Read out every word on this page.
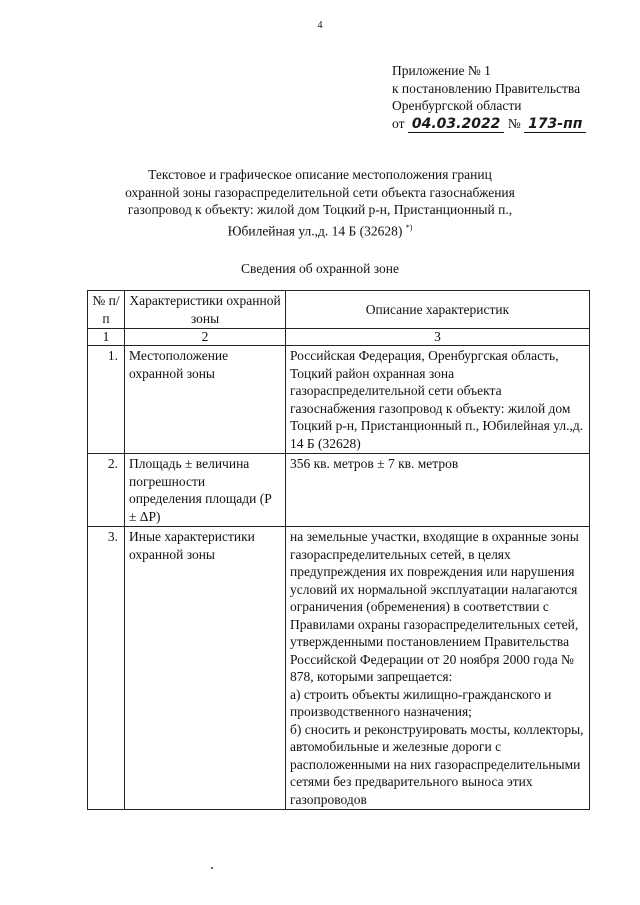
4
Приложение № 1
к постановлению Правительства
Оренбургской области
от 04.03.2022 № 173-пп
Текстовое и графическое описание местоположения границ
охранной зоны газораспределительной сети объекта газоснабжения
газопровод к объекту: жилой дом Тоцкий р-н, Пристанционный п.,
Юбилейная ул.,д. 14 Б (32628) *)
Сведения об охранной зоне
№ п/п	Характеристики охранной зоны	Описание характеристик
1	2	3
1.	Местоположение охранной зоны	Российская Федерация, Оренбургская область, Тоцкий район охранная зона газораспределительной сети объекта газоснабжения газопровод к объекту: жилой дом Тоцкий р-н, Пристанционный п., Юбилейная ул.,д. 14 Б (32628)
2.	Площадь ± величина погрешности определения площади (P ± ΔP)	356 кв. метров ± 7 кв. метров
3.	Иные характеристики охранной зоны	на земельные участки, входящие в охранные зоны газораспределительных сетей, в целях предупреждения их повреждения или нарушения условий их нормальной эксплуатации налагаются ограничения (обременения) в соответствии с Правилами охраны газораспределительных сетей, утвержденными постановлением Правительства Российской Федерации от 20 ноября 2000 года № 878, которыми запрещается:
а) строить объекты жилищно-гражданского и производственного назначения;
б) сносить и реконструировать мосты, коллекторы, автомобильные и железные дороги с расположенными на них газораспределительными сетями без предварительного выноса этих газопроводов
